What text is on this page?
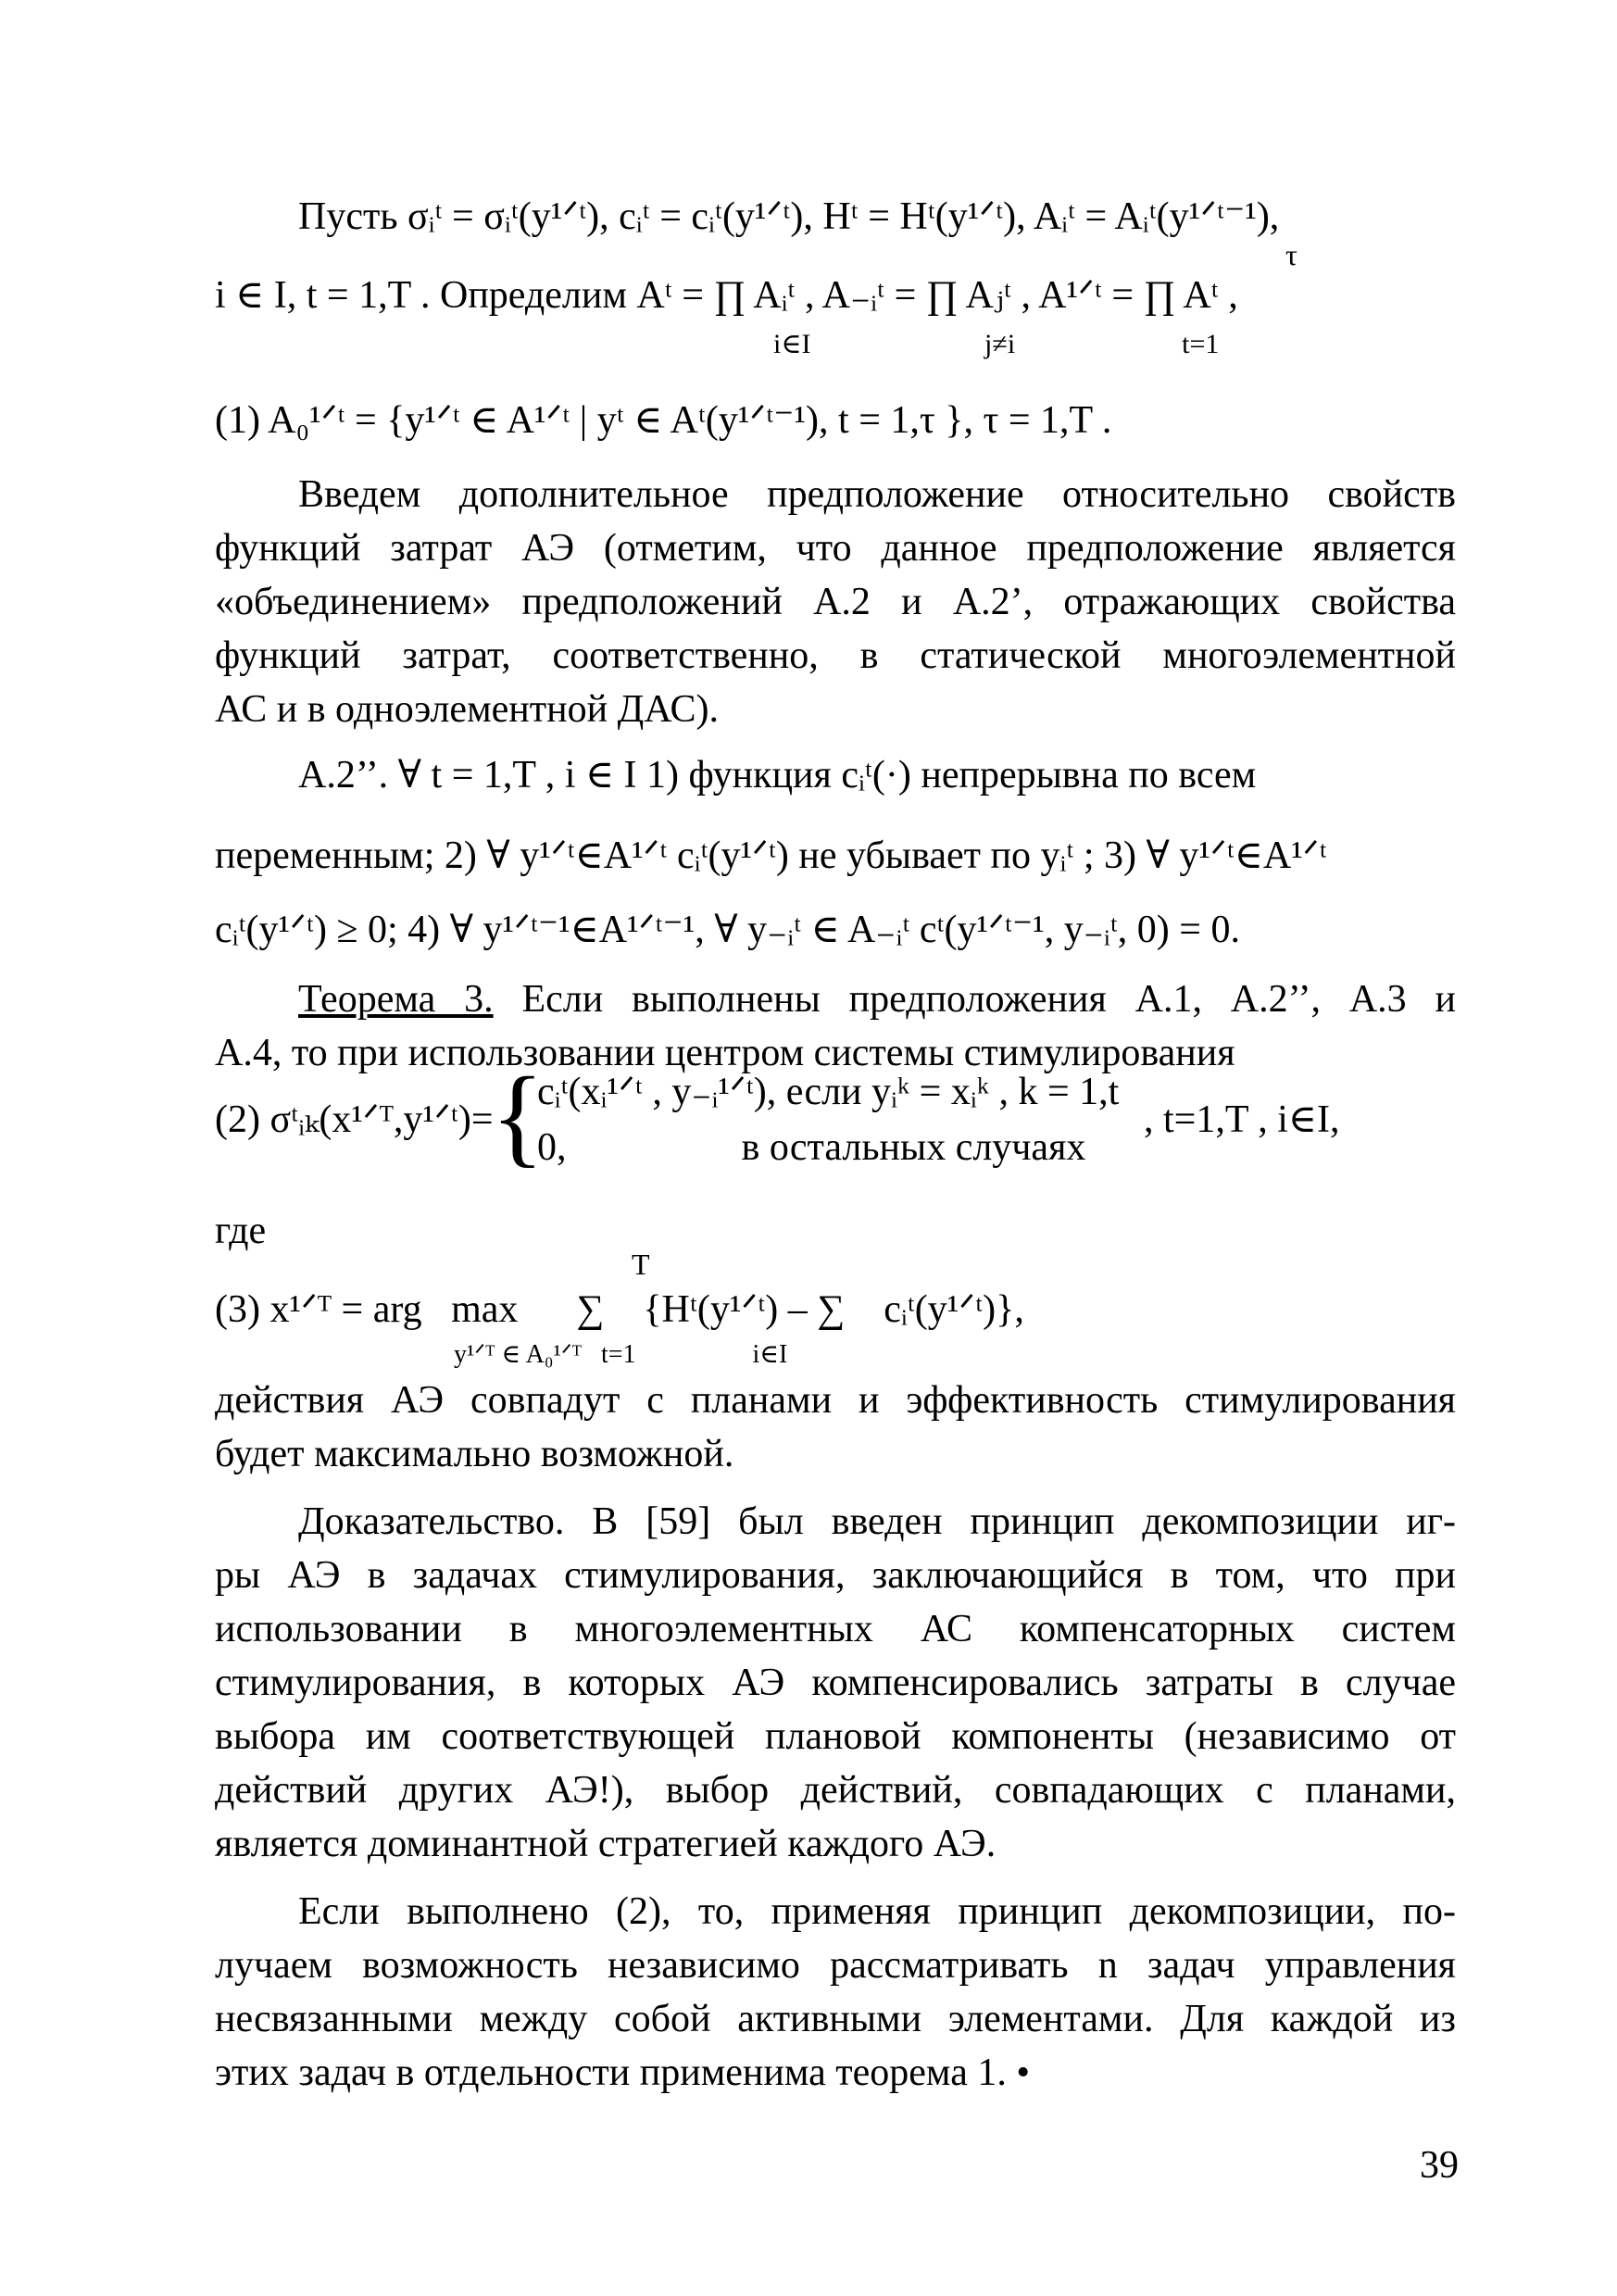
Пусть σᵢᵗ = σᵢᵗ(y¹ᐟᵗ), cᵢᵗ = cᵢᵗ(y¹ᐟᵗ), Hᵗ = Hᵗ(y¹ᐟᵗ), Aᵢᵗ = Aᵢᵗ(y¹ᐟᵗ⁻¹),
τ
i ∈ I, t = 1,T . Определим Aᵗ = ∏ Aᵢᵗ , A₋ᵢᵗ = ∏ Aⱼᵗ , A¹ᐟᵗ = ∏ Aᵗ ,
i∈I                         j≠i                        t=1
(1) A₀¹ᐟᵗ = {y¹ᐟᵗ ∈ A¹ᐟᵗ | yᵗ ∈ Aᵗ(y¹ᐟᵗ⁻¹), t = 1,τ }, τ = 1,T .
Введем дополнительное предположение относительно свойств
функций затрат АЭ (отметим, что данное предположение является
«объединением» предположений А.2 и А.2’, отражающих свойства
функций затрат, соответственно, в статической многоэлементной
АС и в одноэлементной ДАС).
А.2’’. ∀ t = 1,T , i ∈ I 1) функция cᵢᵗ(·) непрерывна по всем
переменным; 2) ∀ y¹ᐟᵗ∈A¹ᐟᵗ cᵢᵗ(y¹ᐟᵗ) не убывает по yᵢᵗ ; 3) ∀ y¹ᐟᵗ∈A¹ᐟᵗ
cᵢᵗ(y¹ᐟᵗ) ≥ 0; 4) ∀ y¹ᐟᵗ⁻¹∈A¹ᐟᵗ⁻¹, ∀ y₋ᵢᵗ ∈ A₋ᵢᵗ cᵗ(y¹ᐟᵗ⁻¹, y₋ᵢᵗ, 0) = 0.
Теорема 3. Если выполнены предположения А.1, А.2’’, А.3 и
А.4, то при использовании центром системы стимулирования
(2) σᵗᵢₖ(x¹ᐟᵀ,y¹ᐟᵗ)=
{
cᵢᵗ(xᵢ¹ᐟᵗ , y₋ᵢ¹ᐟᵗ), если yᵢᵏ = xᵢᵏ , k = 1,t
0,                  в остальных случаях
, t=1,T , i∈I,
где
T
(3) x¹ᐟᵀ = arg   max      ∑    {Hᵗ(y¹ᐟᵗ) – ∑    cᵢᵗ(y¹ᐟᵗ)},
y¹ᐟᵀ ∈ A₀¹ᐟᵀ   t=1                  i∈I
действия АЭ совпадут с планами и эффективность стимулирования
будет максимально возможной.
Доказательство. В [59] был введен принцип декомпозиции иг-
ры АЭ в задачах стимулирования, заключающийся в том, что при
использовании в многоэлементных АС компенсаторных систем
стимулирования, в которых АЭ компенсировались затраты в случае
выбора им соответствующей плановой компоненты (независимо от
действий других АЭ!), выбор действий, совпадающих с планами,
является доминантной стратегией каждого АЭ.
Если выполнено (2), то, применяя принцип декомпозиции, по-
лучаем возможность независимо рассматривать n задач управления
несвязанными между собой активными элементами. Для каждой из
этих задач в отдельности применима теорема 1. •
39
